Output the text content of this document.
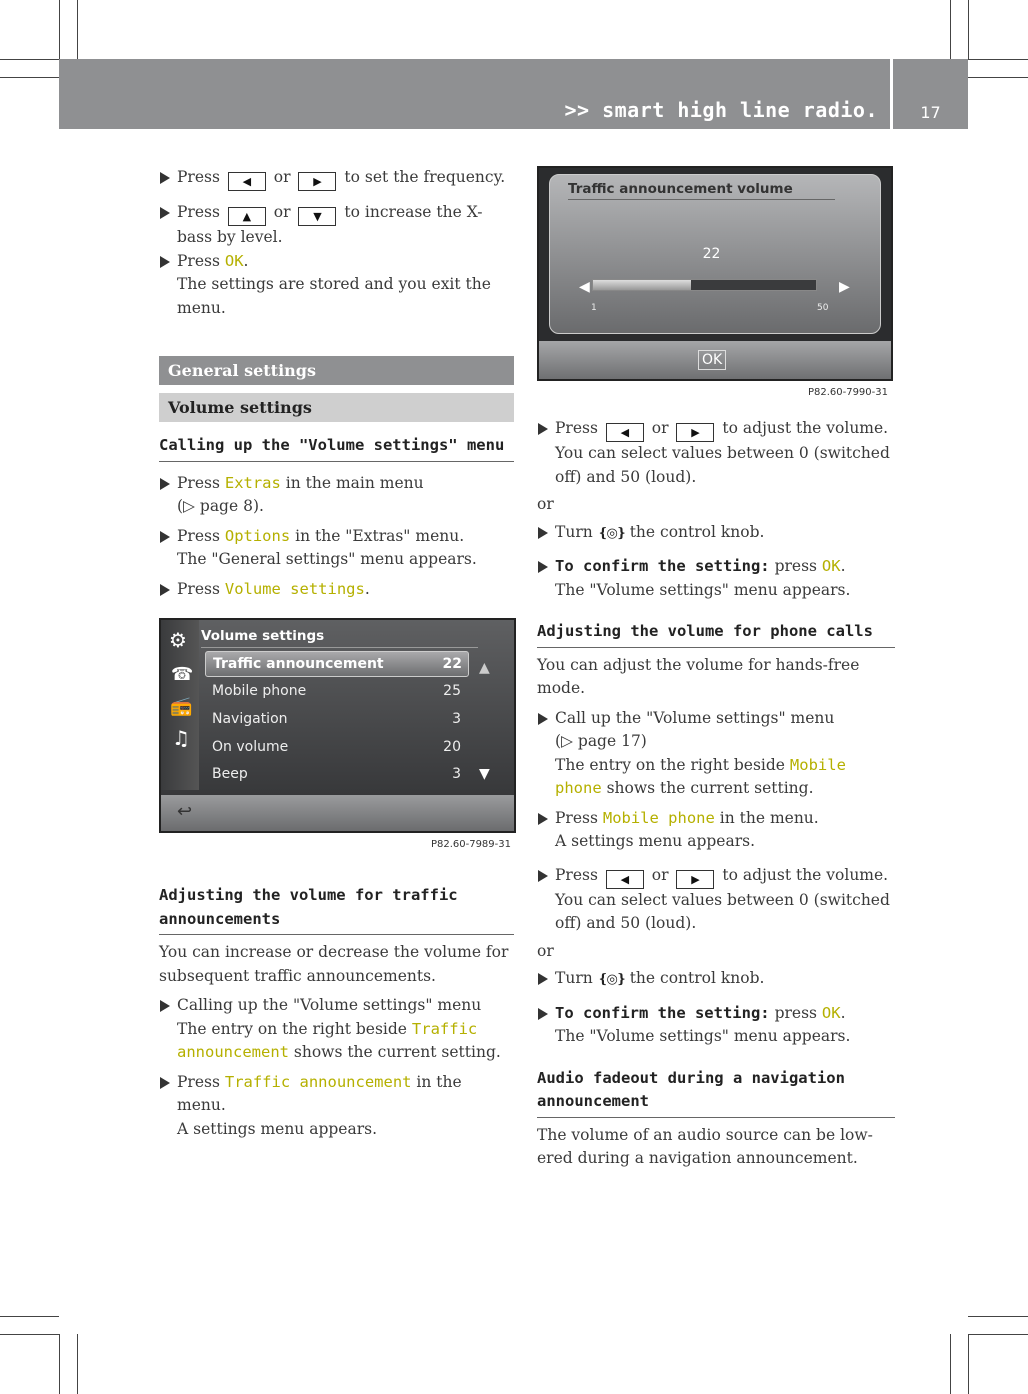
>> smart high line radio.	17
Press ◀ or ▶ to set the frequency.
Press ▲ or ▼ to increase the X-
bass by level.
Press OK.
The settings are stored and you exit the
menu.
General settings
Volume settings
Calling up the "Volume settings" menu
Press Extras in the main menu
(▷ page 8).
Press Options in the "Extras" menu.
The "General settings" menu appears.
Press Volume settings.
⚙
☎
📻
♫
Volume settings
Traffic announcement	22
Mobile phone	25
Navigation	3
On volume	20
Beep	3
▲
▼
↩
P82.60-7989-31
Adjusting the volume for traffic
announcements
You can increase or decrease the volume for
subsequent traffic announcements.
Calling up the "Volume settings" menu
The entry on the right beside Traffic
announcement shows the current setting.
Press Traffic announcement in the
menu.
A settings menu appears.
Traffic announcement volume
22
◀	▶
1	50
OK
P82.60-7990-31
Press ◀ or ▶ to adjust the volume.
You can select values between 0 (switched
off) and 50 (loud).
or
Turn ❴◎❵ the control knob.
To confirm the setting: press OK.
The "Volume settings" menu appears.
Adjusting the volume for phone calls
You can adjust the volume for hands-free
mode.
Call up the "Volume settings" menu
(▷ page 17)
The entry on the right beside Mobile
phone shows the current setting.
Press Mobile phone in the menu.
A settings menu appears.
Press ◀ or ▶ to adjust the volume.
You can select values between 0 (switched
off) and 50 (loud).
or
Turn ❴◎❵ the control knob.
To confirm the setting: press OK.
The "Volume settings" menu appears.
Audio fadeout during a navigation
announcement
The volume of an audio source can be low-
ered during a navigation announcement.
